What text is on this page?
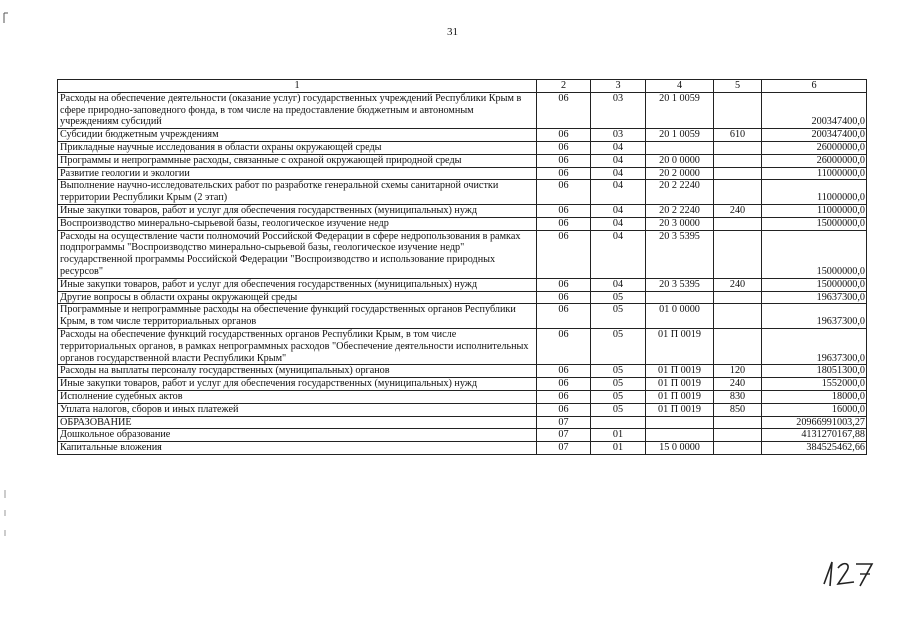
31
1	2	3	4	5	6
Расходы на обеспечение деятельности (оказание услуг) государственных учреждений Республики Крым в сфере природно-заповедного фонда, в том числе на предоставление бюджетным и автономным учреждениям субсидий	06	03	20 1 0059		200347400,0
Субсидии бюджетным учреждениям	06	03	20 1 0059	610	200347400,0
Прикладные научные исследования в области охраны окружающей среды	06	04			26000000,0
Программы и непрограммные расходы, связанные с охраной окружающей природной среды	06	04	20 0 0000		26000000,0
Развитие геологии и экологии	06	04	20 2 0000		11000000,0
Выполнение научно-исследовательских работ по разработке генеральной схемы санитарной очистки территории Республики Крым (2 этап)	06	04	20 2 2240		11000000,0
Иные закупки товаров, работ и услуг для обеспечения государственных (муниципальных) нужд	06	04	20 2 2240	240	11000000,0
Воспроизводство минерально-сырьевой базы, геологическое изучение недр	06	04	20 3 0000		15000000,0
Расходы на осуществление части полномочий Российской Федерации в сфере недропользования в рамках подпрограммы "Воспроизводство минерально-сырьевой базы, геологическое изучение недр" государственной программы Российской Федерации "Воспроизводство и использование природных ресурсов"	06	04	20 3 5395		15000000,0
Иные закупки товаров, работ и услуг для обеспечения государственных (муниципальных) нужд	06	04	20 3 5395	240	15000000,0
Другие вопросы в области охраны окружающей среды	06	05			19637300,0
Программные и непрограммные расходы на обеспечение функций государственных органов Республики Крым, в том числе территориальных органов	06	05	01 0 0000		19637300,0
Расходы на обеспечение функций государственных органов Республики Крым, в том числе территориальных органов, в рамках непрограммных расходов "Обеспечение деятельности исполнительных органов государственной власти Республики Крым"	06	05	01 П 0019		19637300,0
Расходы на выплаты персоналу государственных (муниципальных) органов	06	05	01 П 0019	120	18051300,0
Иные закупки товаров, работ и услуг для обеспечения государственных (муниципальных) нужд	06	05	01 П 0019	240	1552000,0
Исполнение судебных актов	06	05	01 П 0019	830	18000,0
Уплата налогов, сборов и иных платежей	06	05	01 П 0019	850	16000,0
ОБРАЗОВАНИЕ	07				20966991003,27
Дошкольное образование	07	01			4131270167,88
Капитальные вложения	07	01	15 0 0000		384525462,66
